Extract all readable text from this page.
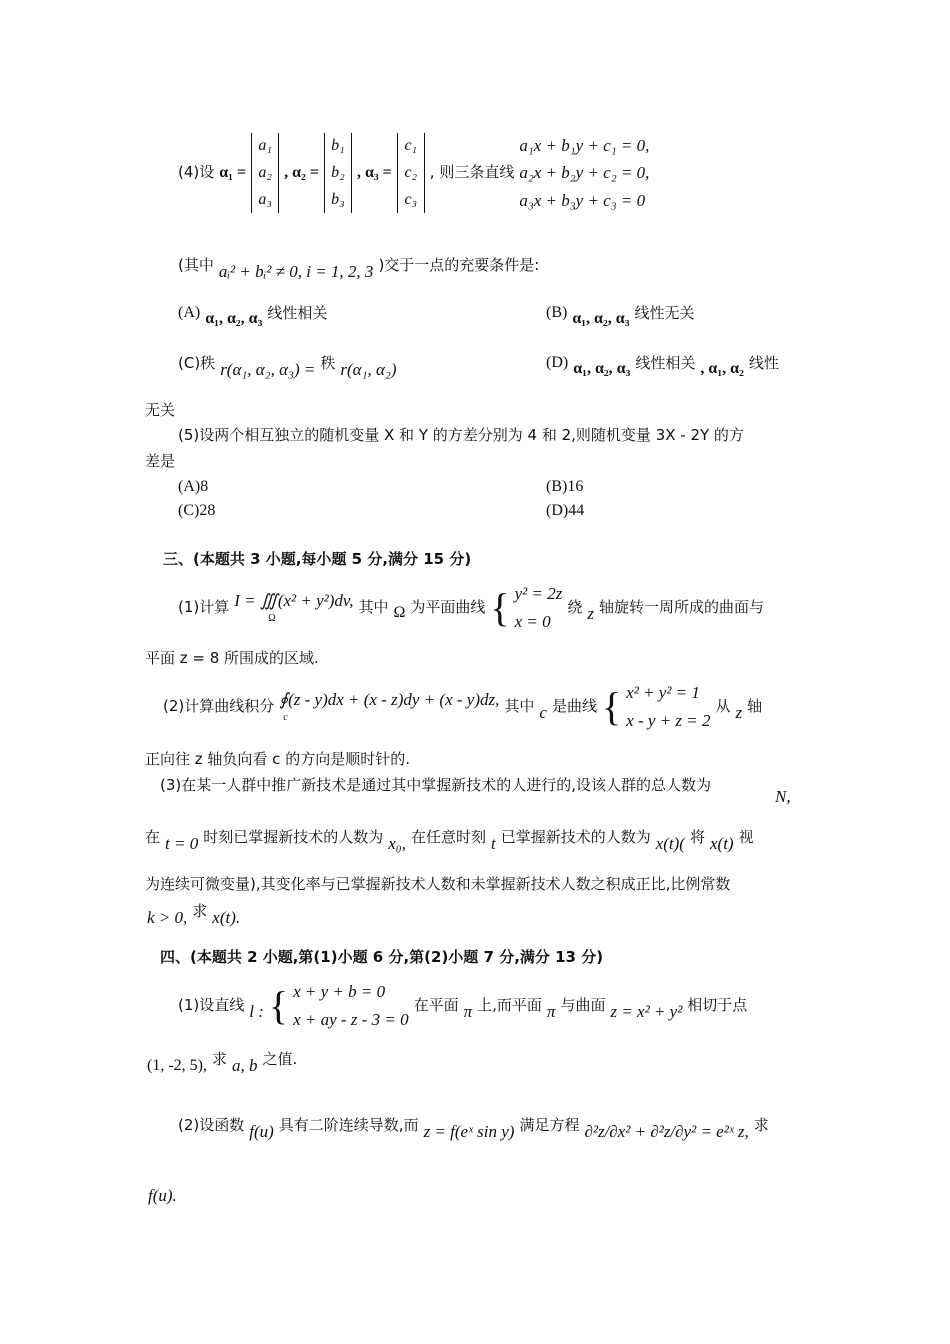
(4)设 α₁ =
a₁
a₂
a₃
, α₂ =
b₁
b₂
b₃
, α₃ =
c₁
c₂
c₃
, 则三条直线
a₁x + b₁y + c₁ = 0,
a₂x + b₂y + c₂ = 0,
a₃x + b₃y + c₃ = 0
(其中 aᵢ² + bᵢ² ≠ 0, i = 1, 2, 3 )交于一点的充要条件是:
(A) α₁, α₂, α₃ 线性相关	(B) α₁, α₂, α₃ 线性无关
(C)秩 r(α₁, α₂, α₃) = 秩 r(α₁, α₂)	(D) α₁, α₂, α₃ 线性相关 , α₁, α₂ 线性
无关
(5)设两个相互独立的随机变量 X 和 Y 的方差分别为 4 和 2,则随机变量 3X - 2Y 的方
差是
(A)8	(B)16
(C)28	(D)44
三、(本题共 3 小题,每小题 5 分,满分 15 分)
(1)计算 I = ∭(x² + y²)dv,
Ω
其中 Ω 为平面曲线 { y² = 2z
x = 0
绕 z 轴旋转一周所成的曲面与
平面 z = 8 所围成的区域.
(2)计算曲线积分 ∮(z - y)dx + (x - z)dy + (x - y)dz,
c
其中 c 是曲线 { x² + y² = 1
x - y + z = 2
从 z 轴
正向往 z 轴负向看 c 的方向是顺时针的.
(3)在某一人群中推广新技术是通过其中掌握新技术的人进行的,设该人群的总人数为
N,
在 t = 0 时刻已掌握新技术的人数为 x₀, 在任意时刻 t 已掌握新技术的人数为 x(t)( 将 x(t) 视
为连续可微变量),其变化率与已掌握新技术人数和未掌握新技术人数之积成正比,比例常数
k > 0, 求 x(t).
四、(本题共 2 小题,第(1)小题 6 分,第(2)小题 7 分,满分 13 分)
(1)设直线 l : { x + y + b = 0
x + ay - z - 3 = 0
在平面 π 上,而平面 π 与曲面 z = x² + y² 相切于点
(1, -2, 5), 求 a, b 之值.
(2)设函数 f(u) 具有二阶连续导数,而 z = f(eˣ sin y) 满足方程 ∂²z/∂x² + ∂²z/∂y² = e²ˣ z, 求
f(u).
